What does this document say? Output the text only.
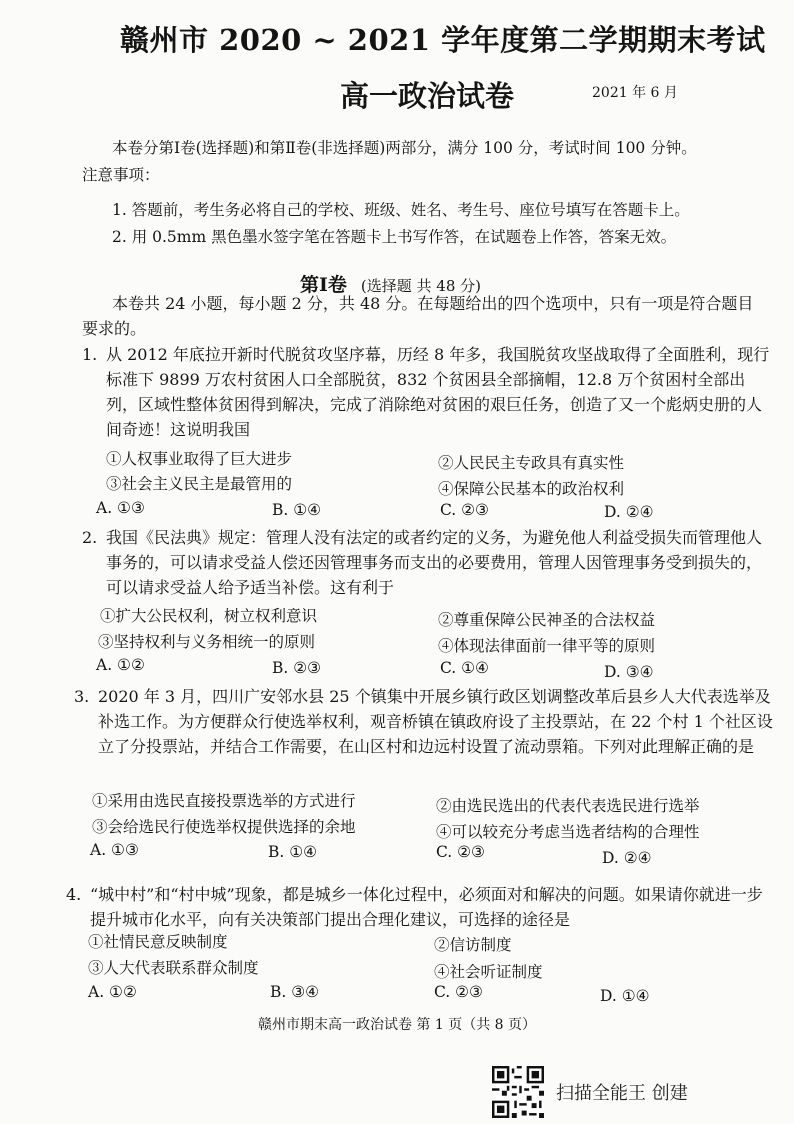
赣州市 2020 ~ 2021 学年度第二学期期末考试
高一政治试卷	2021 年 6 月
本卷分第Ⅰ卷(选择题)和第Ⅱ卷(非选择题)两部分，满分 100 分，考试时间 100 分钟。
注意事项：
1. 答题前，考生务必将自己的学校、班级、姓名、考生号、座位号填写在答题卡上。
2. 用 0.5mm 黑色墨水签字笔在答题卡上书写作答，在试题卷上作答，答案无效。
第Ⅰ卷 (选择题 共 48 分)
本卷共 24 小题，每小题 2 分，共 48 分。在每题给出的四个选项中，只有一项是符合题目
要求的。
1. 从 2012 年底拉开新时代脱贫攻坚序幕，历经 8 年多，我国脱贫攻坚战取得了全面胜利，现行标准下 9899 万农村贫困人口全部脱贫，832 个贫困县全部摘帽，12.8 万个贫困村全部出列，区域性整体贫困得到解决，完成了消除绝对贫困的艰巨任务，创造了又一个彪炳史册的人间奇迹！这说明我国
①人权事业取得了巨大进步	②人民民主专政具有真实性
③社会主义民主是最管用的	④保障公民基本的政治权利
A. ①③	B. ①④	C. ②③	D. ②④
2. 我国《民法典》规定：管理人没有法定的或者约定的义务，为避免他人利益受损失而管理他人事务的，可以请求受益人偿还因管理事务而支出的必要费用，管理人因管理事务受到损失的，可以请求受益人给予适当补偿。这有利于
①扩大公民权利，树立权利意识	②尊重保障公民神圣的合法权益
③坚持权利与义务相统一的原则	④体现法律面前一律平等的原则
A. ①②	B. ②③	C. ①④	D. ③④
3. 2020 年 3 月，四川广安邻水县 25 个镇集中开展乡镇行政区划调整改革后县乡人大代表选举及补选工作。为方便群众行使选举权利，观音桥镇在镇政府设了主投票站，在 22 个村 1 个社区设立了分投票站，并结合工作需要，在山区村和边远村设置了流动票箱。下列对此理解正确的是
①采用由选民直接投票选举的方式进行	②由选民选出的代表代表选民进行选举
③会给选民行使选举权提供选择的余地	④可以较充分考虑当选者结构的合理性
A. ①③	B. ①④	C. ②③	D. ②④
4. “城中村”和“村中城”现象，都是城乡一体化过程中，必须面对和解决的问题。如果请你就进一步提升城市化水平，向有关决策部门提出合理化建议，可选择的途径是
①社情民意反映制度	②信访制度
③人大代表联系群众制度	④社会听证制度
A. ①②	B. ③④	C. ②③	D. ①④
赣州市期末高一政治试卷 第 1 页（共 8 页）
扫描全能王 创建
